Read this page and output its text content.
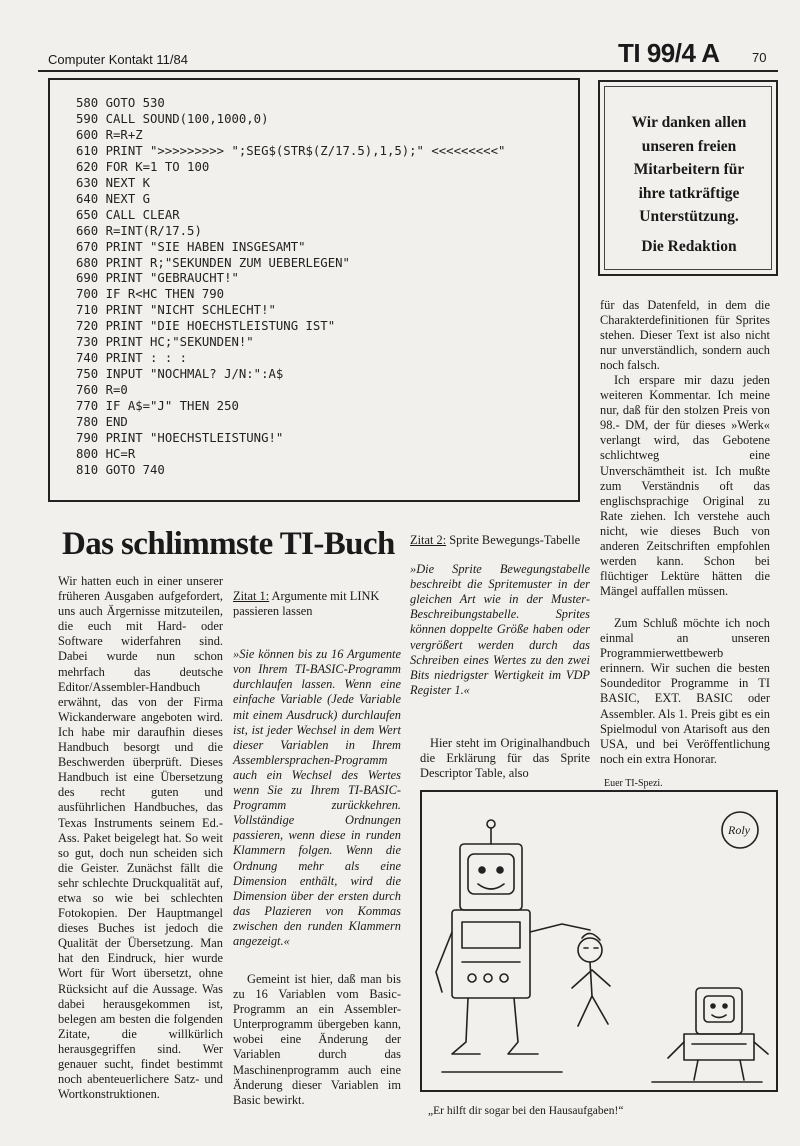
Computer Kontakt 11/84	TI 99/4 A	70
580 GOTO 530
590 CALL SOUND(100,1000,0)
600 R=R+Z
610 PRINT ">>>>>>>>> ";SEG$(STR$(Z/17.5),1,5);" <<<<<<<<<"
620 FOR K=1 TO 100
630 NEXT K
640 NEXT G
650 CALL CLEAR
660 R=INT(R/17.5)
670 PRINT "SIE HABEN INSGESAMT"
680 PRINT R;"SEKUNDEN ZUM UEBERLEGEN"
690 PRINT "GEBRAUCHT!"
700 IF R<HC THEN 790
710 PRINT "NICHT SCHLECHT!"
720 PRINT "DIE HOECHSTLEISTUNG IST"
730 PRINT HC;"SEKUNDEN!"
740 PRINT : : :
750 INPUT "NOCHMAL? J/N:":A$
760 R=0
770 IF A$="J" THEN 250
780 END
790 PRINT "HOECHSTLEISTUNG!"
800 HC=R
810 GOTO 740
Wir danken allen
unseren freien
Mitarbeitern für
ihre tatkräftige
Unterstützung.
Die Redaktion
Das schlimmste TI-Buch

Wir hatten euch in einer unserer früheren Ausgaben aufgefordert, uns auch Ärgernisse mitzuteilen, die euch mit Hard- oder Software widerfahren sind. Dabei wurde nun schon mehrfach das deutsche Editor/Assembler-Handbuch erwähnt, das von der Firma Wickanderware angeboten wird. Ich habe mir daraufhin dieses Handbuch besorgt und die Beschwerden überprüft. Dieses Handbuch ist eine Übersetzung des recht guten und ausführlichen Handbuches, das Texas Instruments seinem Ed.-Ass. Paket beigelegt hat. So weit so gut, doch nun scheiden sich die Geister. Zunächst fällt die sehr schlechte Druckqualität auf, etwa so wie bei schlechten Fotokopien. Der Hauptmangel dieses Buches ist jedoch die Qualität der Übersetzung. Man hat den Eindruck, hier wurde Wort für Wort übersetzt, ohne Rücksicht auf die Aussage. Was dabei herausgekommen ist, belegen am besten die folgenden Zitate, die willkürlich herausgegriffen sind. Wer genauer sucht, findet bestimmt noch abenteuerlichere Satz- und Wortkonstruktionen.

Zitat 1: Argumente mit LINK passieren lassen

»Sie können bis zu 16 Argumente von Ihrem TI-BASIC-Programm durchlaufen lassen. Wenn eine einfache Variable (Jede Variable mit einem Ausdruck) durchlaufen ist, ist jeder Wechsel in dem Wert dieser Variablen in Ihrem Assemblersprachen-Programm auch ein Wechsel des Wertes wenn Sie zu Ihrem TI-BASIC-Programm zurückkehren. Vollständige Ordnungen passieren, wenn diese in runden Klammern folgen. Wenn die Ordnung mehr als eine Dimension enthält, wird die Dimension über der ersten durch das Plazieren von Kommas zwischen den runden Klammern angezeigt.«

Gemeint ist hier, daß man bis zu 16 Variablen vom Basic-Programm an ein Assembler-Unterprogramm übergeben kann, wobei eine Änderung der Variablen durch das Maschinenprogramm auch eine Änderung dieser Variablen im Basic bewirkt.

Zitat 2: Sprite Bewegungs-Tabelle

»Die Sprite Bewegungstabelle beschreibt die Spritemuster in der gleichen Art wie in der Muster-Beschreibungstabelle. Sprites können doppelte Größe haben oder vergrößert werden durch das Schreiben eines Wertes zu den zwei Bits niedrigster Wertigkeit im VDP Register 1.«

Hier steht im Originalhandbuch die Erklärung für das Sprite Descriptor Table, also

für das Datenfeld, in dem die Charakterdefinitionen für Sprites stehen. Dieser Text ist also nicht nur unverständlich, sondern auch noch falsch.

Ich erspare mir dazu jeden weiteren Kommentar. Ich meine nur, daß für den stolzen Preis von 98.- DM, der für dieses »Werk« verlangt wird, das Gebotene schlichtweg eine Unverschämtheit ist. Ich mußte zum Verständnis oft das englischsprachige Original zu Rate ziehen. Ich verstehe auch nicht, wie dieses Buch von anderen Zeitschriften empfohlen werden kann. Schon bei flüchtiger Lektüre hätten die Mängel auffallen müssen.

Zum Schluß möchte ich noch einmal an unseren Programmierwettbewerb erinnern. Wir suchen die besten Soundeditor Programme in TI BASIC, EXT. BASIC oder Assembler. Als 1. Preis gibt es ein Spielmodul von Atarisoft aus den USA, und bei Veröffentlichung noch ein extra Honorar.

Euer TI-Spezi.
Roly
„Er hilft dir sogar bei den Hausaufgaben!“
